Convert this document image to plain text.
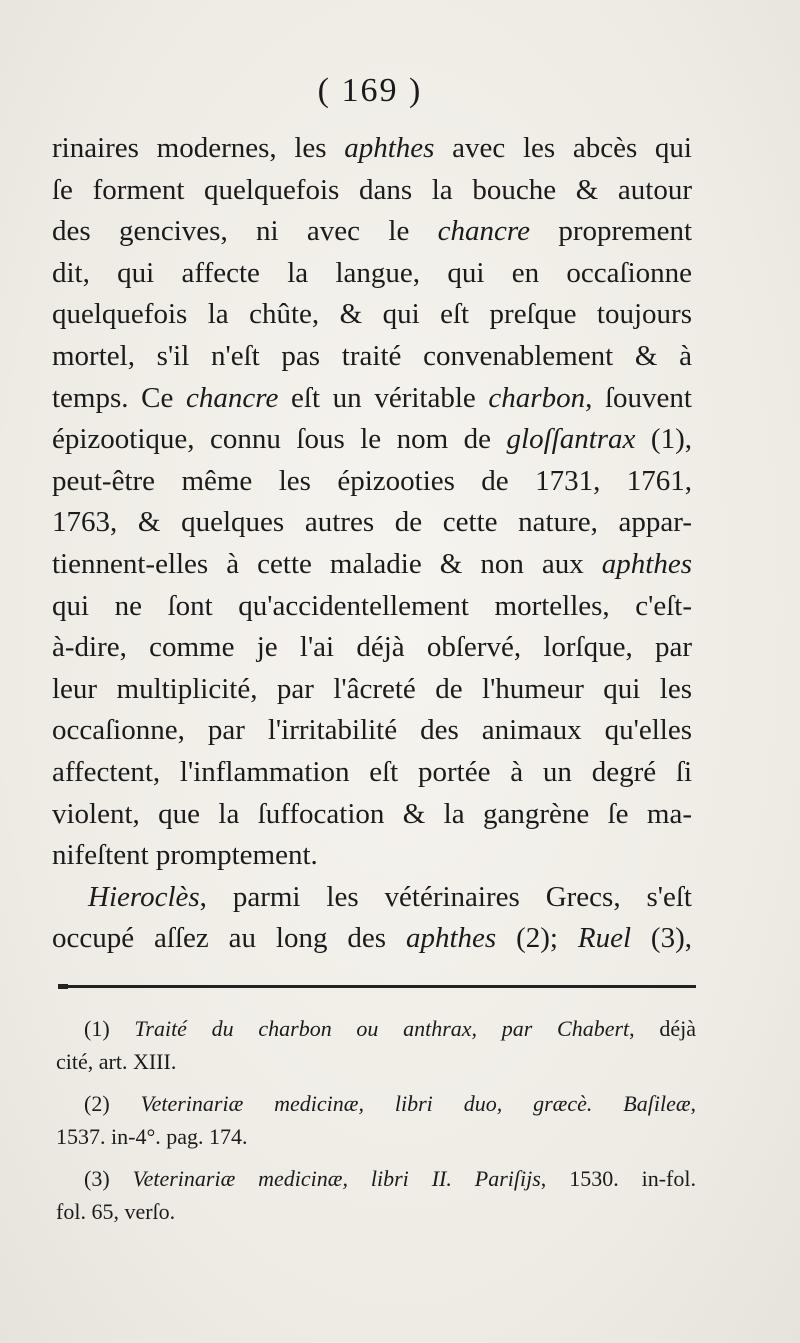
( 169 )
rinaires modernes, les aphthes avec les abcès qui
ſe forment quelquefois dans la bouche & autour
des gencives, ni avec le chancre proprement
dit, qui affecte la langue, qui en occaſionne
quelquefois la chûte, & qui eſt preſque toujours
mortel, s'il n'eſt pas traité convenablement & à
temps. Ce chancre eſt un véritable charbon, ſouvent
épizootique, connu ſous le nom de gloſſantrax (1),
peut-être même les épizooties de 1731, 1761,
1763, & quelques autres de cette nature, appar-
tiennent-elles à cette maladie & non aux aphthes
qui ne ſont qu'accidentellement mortelles, c'eſt-
à-dire, comme je l'ai déjà obſervé, lorſque, par
leur multiplicité, par l'âcreté de l'humeur qui les
occaſionne, par l'irritabilité des animaux qu'elles
affectent, l'inflammation eſt portée à un degré ſi
violent, que la ſuffocation & la gangrène ſe ma-
nifeſtent promptement.
Hieroclès, parmi les vétérinaires Grecs, s'eſt
occupé aſſez au long des aphthes (2); Ruel (3),
(1) Traité du charbon ou anthrax, par Chabert, déjà
cité, art. XIII.
(2) Veterinariæ medicinæ, libri duo, græcè. Baſileæ,
1537. in-4°. pag. 174.
(3) Veterinariæ medicinæ, libri II. Pariſijs, 1530. in-fol.
fol. 65, verſo.
